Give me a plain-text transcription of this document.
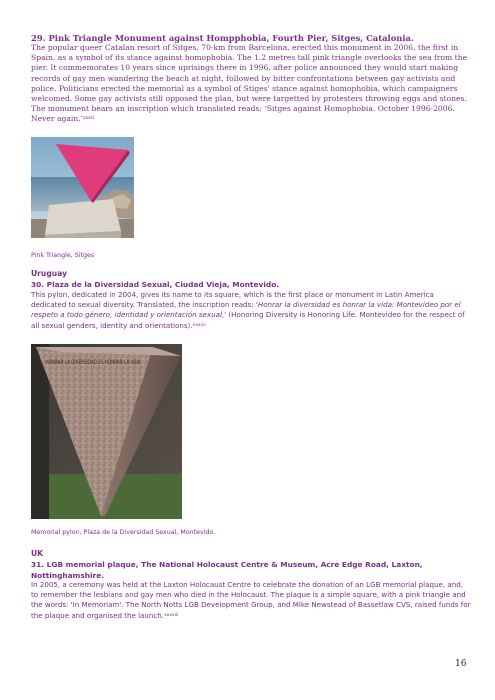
29. Pink Triangle Monument against Hompphobia, Fourth Pier, Sitges, Catalonia.

The popular queer Catalan resort of Sitges, 70-km from Barcelona, erected this monument in 2006, the first in Spain, as a symbol of its stance against homophobia. The 1.2 metres tall pink triangle overlooks the sea from the pier. It commemorates 10 years since uprisings there in 1996, after police announced they would start making records of gay men wandering the beach at night, followed by bitter confrontations between gay activists and police. Politicians erected the memorial as a symbol of Stiges' stance against homophobia, which campaigners welcomed. Some gay activists still opposed the plan, but were targetted by protesters throwing eggs and stones. The monument bears an inscription which translated reads: ‘Sitges against Homophobia. October 1996-2006. Never again.’$^{xxxvi}$

Pink Triangle, Sitges

Uruguay

30. Plaza de la Diversidad Sexual, Ciudad Vieja, Montevido.

This pylon, dedicated in 2004, gives its name to its square, which is the first place or monument in Latin America dedicated to sexual diversity. Translated, the inscription reads: 'Honrar la diversidad es honrar la vida: Montevideo por el respeto a todo género, identidad y orientación sexual,' (Honoring Diversity is Honoring Life. Montevideo for the respect of all sexual genders, identity and orientations).$^{xxxvii}$

HONRAR LA DIVERSIDAD ES HONRAR LA VIDA

Memorial pylon, Plaza de la Diversidad Sexual, Montevido.

UK

31. LGB memorial plaque, The National Holocaust Centre & Museum, Acre Edge Road, Laxton, Nottinghamshire.

In 2005, a ceremony was held at the Laxton Holocaust Centre to celebrate the donation of an LGB memorial plaque, and, to remember the lesbians and gay men who died in the Holocaust. The plaque is a simple square, with a pink triangle and the words: 'In Memoriam'. The North Notts LGB Development Group, and Mike Newstead of Bassetlaw CVS, raised funds for the plaque and organised the launch.$^{xxxviii}$

16
